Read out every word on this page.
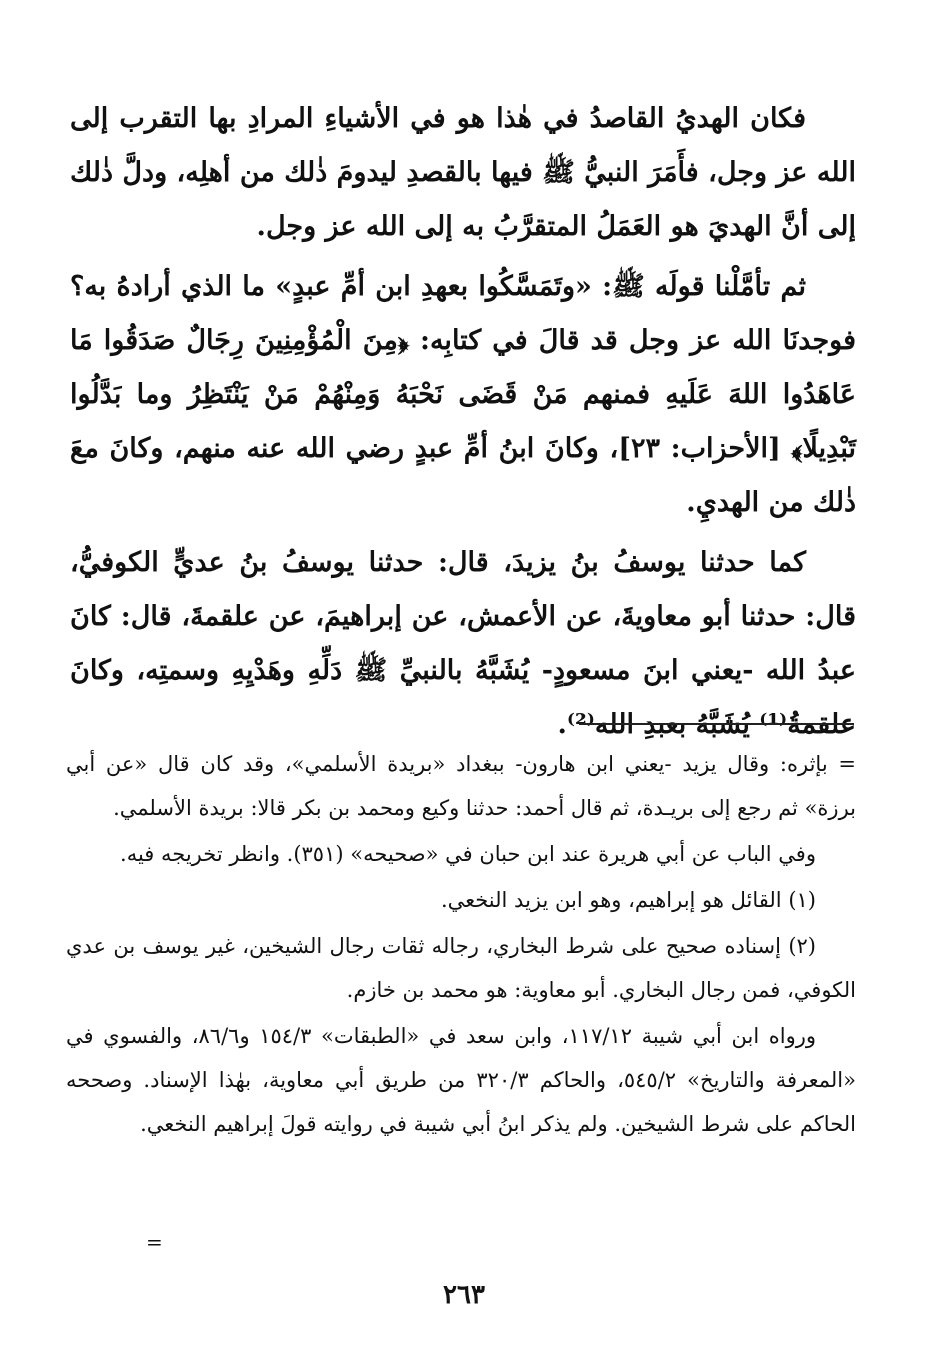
فكان الهديُ القاصدُ في هٰذا هو في الأشياءِ المرادِ بها التقرب إلى الله عز وجل، فأَمَرَ النبيُّ ﷺ فيها بالقصدِ ليدومَ ذٰلك من أهلِه، ودلَّ ذٰلك إلى أنَّ الهديَ هو العَمَلُ المتقرَّبُ به إلى الله عز وجل.

ثم تأمَّلْنا قولَه ﷺ: «وتَمَسَّكُوا بعهدِ ابن أمِّ عبدٍ» ما الذي أرادهُ به؟ فوجدنَا الله عز وجل قد قالَ في كتابِه: ﴿مِنَ الْمُؤْمِنِينَ رِجَالٌ صَدَقُوا مَا عَاهَدُوا اللهَ عَلَيهِ فمنهم مَنْ قَضَى نَحْبَهُ وَمِنْهُمْ مَنْ يَنْتَظِرُ وما بَدَّلُوا تَبْدِيلًا﴾ [الأحزاب: ٢٣]، وكانَ ابنُ أمِّ عبدٍ رضي الله عنه منهم، وكانَ معَ ذٰلك من الهديِ.

كما حدثنا يوسفُ بنُ يزيدَ، قال: حدثنا يوسفُ بنُ عديٍّ الكوفيُّ، قال: حدثنا أبو معاويةَ، عن الأعمش، عن إبراهيمَ، عن علقمةَ، قال: كانَ عبدُ الله -يعني ابنَ مسعودٍ- يُشَبَّهُ بالنبيِّ ﷺ دَلِّهِ وهَدْيِهِ وسمتِه، وكانَ علقمةُ⁽¹⁾ يُشَبَّهُ بعبدِ الله⁽²⁾.

= بإثره: وقال يزيد -يعني ابن هارون- ببغداد «بريدة الأسلمي»، وقد كان قال «عن أبي برزة» ثم رجع إلى بريـدة، ثم قال أحمد: حدثنا وكيع ومحمد بن بكر قالا: بريدة الأسلمي.

وفي الباب عن أبي هريرة عند ابن حبان في «صحيحه» (٣٥١). وانظر تخريجه فيه.

(١) القائل هو إبراهيم، وهو ابن يزيد النخعي.

(٢) إسناده صحيح على شرط البخاري، رجاله ثقات رجال الشيخين، غير يوسف بن عدي الكوفي، فمن رجال البخاري. أبو معاوية: هو محمد بن خازم.

ورواه ابن أبي شيبة ١١٧/١٢، وابن سعد في «الطبقات» ١٥٤/٣ و٨٦/٦، والفسوي في «المعرفة والتاريخ» ٥٤٥/٢، والحاكم ٣٢٠/٣ من طريق أبي معاوية، بهٰذا الإسناد. وصححه الحاكم على شرط الشيخين. ولم يذكر ابنُ أبي شيبة في روايته قولَ إبراهيم النخعي.

=
٢٦٣
